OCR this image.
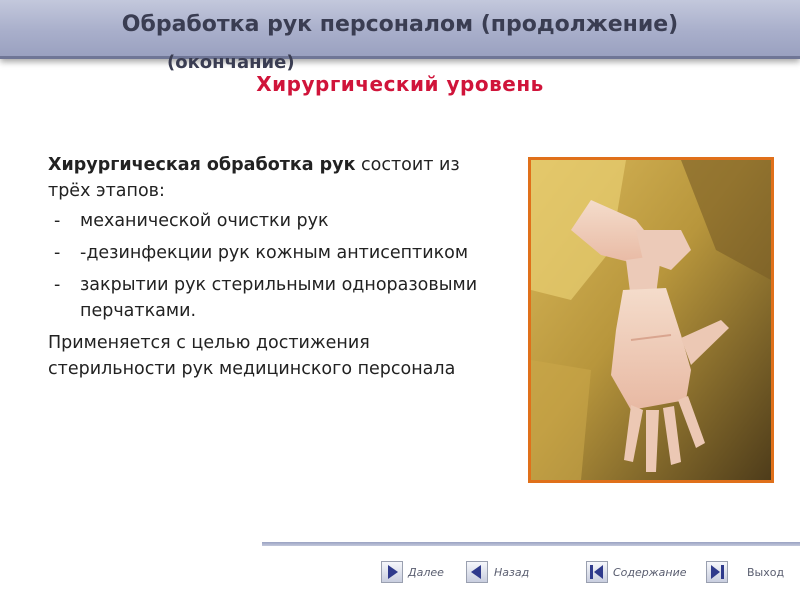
Обработка рук персоналом (продолжение)
(окончание)
Хирургический уровень

Хирургическая обработка рук состоит из трёх этапов:

- механической очистки рук
- -дезинфекции рук кожным антисептиком
- закрытии рук стерильными одноразовыми перчатками.

Применяется с целью достижения стерильности рук медицинского персонала

Далее	Назад	Содержание	Выход
